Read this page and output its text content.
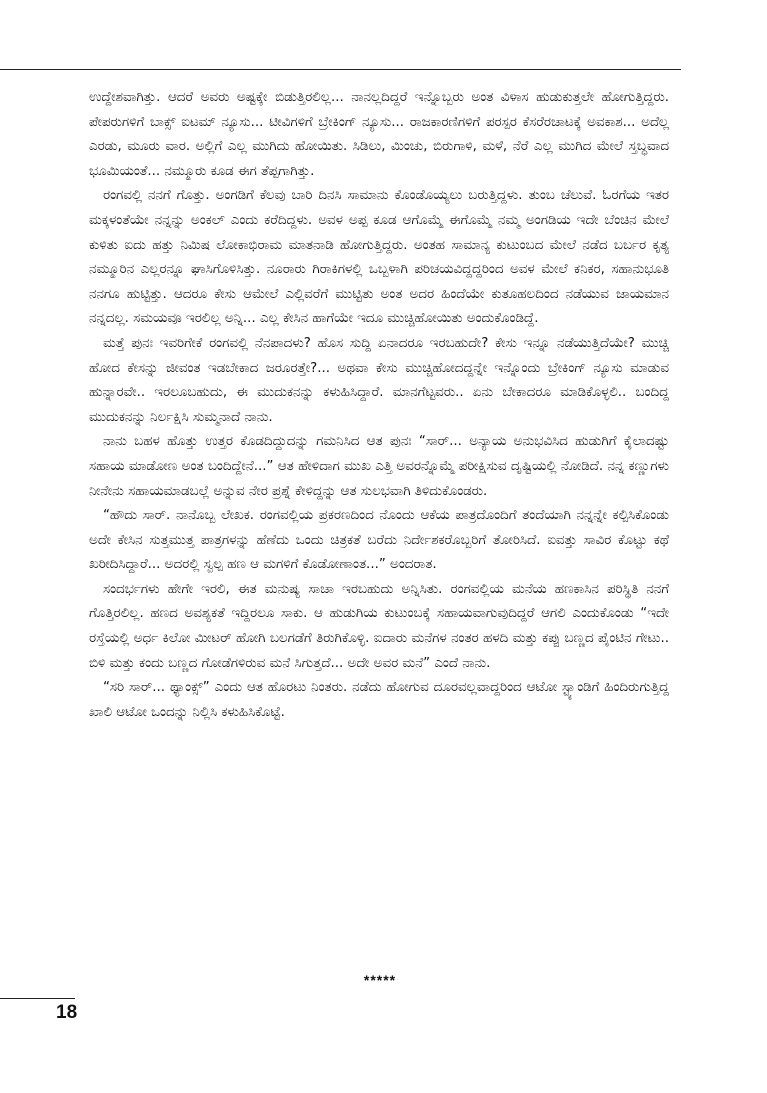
ಉದ್ದೇಶವಾಗಿತ್ತು. ಆದರೆ ಅವರು ಅಷ್ಟಕ್ಕೇ ಬಿಡುತ್ತಿರಲಿಲ್ಲ... ನಾನಲ್ಲದಿದ್ದರೆ ಇನ್ನೊಬ್ಬರು ಅಂತ ವಿಳಾಸ ಹುಡುಕುತ್ತಲೇ ಹೋಗುತ್ತಿದ್ದರು. ಪೇಪರುಗಳಿಗೆ ಬಾಕ್ಸ್ ಐಟಮ್ ನ್ಯೂಸು... ಟೀವಿಗಳಿಗೆ ಬ್ರೇಕಿಂಗ್ ನ್ಯೂಸು... ರಾಜಕಾರಣಿಗಳಿಗೆ ಪರಸ್ಪರ ಕೆಸರೆರಚಾಟಕ್ಕೆ ಅವಕಾಶ... ಅದೆಲ್ಲ ಎರಡು, ಮೂರು ವಾರ. ಅಲ್ಲಿಗೆ ಎಲ್ಲ ಮುಗಿದು ಹೋಯಿತು. ಸಿಡಿಲು, ಮಿಂಚು, ಬಿರುಗಾಳಿ, ಮಳೆ, ನೆರೆ ಎಲ್ಲ ಮುಗಿದ ಮೇಲೆ ಸ್ತಬ್ಧವಾದ ಭೂಮಿಯಂತೆ... ನಮ್ಮೂರು ಕೂಡ ಈಗ ತೆಪ್ಪಗಾಗಿತ್ತು.

ರಂಗವಲ್ಲಿ ನನಗೆ ಗೊತ್ತು. ಅಂಗಡಿಗೆ ಕೆಲವು ಬಾರಿ ದಿನಸಿ ಸಾಮಾನು ಕೊಂಡೊಯ್ಯಲು ಬರುತ್ತಿದ್ದಳು. ತುಂಬ ಚೆಲುವೆ. ಓರಗೆಯ ಇತರ ಮಕ್ಕಳಂತೆಯೇ ನನ್ನನ್ನು ಅಂಕಲ್ ಎಂದು ಕರೆದಿದ್ದಳು. ಅವಳ ಅಪ್ಪ ಕೂಡ ಆಗೊಮ್ಮೆ ಈಗೊಮ್ಮೆ ನಮ್ಮ ಅಂಗಡಿಯ ಇದೇ ಬೆಂಚಿನ ಮೇಲೆ ಕುಳಿತು ಐದು ಹತ್ತು ನಿಮಿಷ ಲೋಕಾಭಿರಾಮ ಮಾತನಾಡಿ ಹೋಗುತ್ತಿದ್ದರು. ಅಂತಹ ಸಾಮಾನ್ಯ ಕುಟುಂಬದ ಮೇಲೆ ನಡೆದ ಬರ್ಬರ ಕೃತ್ಯ ನಮ್ಮೂರಿನ ಎಲ್ಲರನ್ನೂ ಘಾಸಿಗೊಳಿಸಿತ್ತು. ನೂರಾರು ಗಿರಾಕಿಗಳಲ್ಲಿ ಒಬ್ಬಳಾಗಿ ಪರಿಚಯವಿದ್ದದ್ದರಿಂದ ಅವಳ ಮೇಲೆ ಕನಿಕರ, ಸಹಾನುಭೂತಿ ನನಗೂ ಹುಟ್ಟಿತ್ತು. ಆದರೂ ಕೇಸು ಆಮೇಲೆ ಎಲ್ಲಿವರೆಗೆ ಮುಟ್ಟಿತು ಅಂತ ಅದರ ಹಿಂದೆಯೇ ಕುತೂಹಲದಿಂದ ನಡೆಯುವ ಜಾಯಮಾನ ನನ್ನದಲ್ಲ. ಸಮಯವೂ ಇರಲಿಲ್ಲ ಅನ್ನಿ... ಎಲ್ಲ ಕೇಸಿನ ಹಾಗೆಯೇ ಇದೂ ಮುಚ್ಚಿಹೋಯಿತು ಅಂದುಕೊಂಡಿದ್ದೆ.

ಮತ್ತೆ ಪುನಃ ಇವರಿಗೇಕೆ ರಂಗವಲ್ಲಿ ನೆನಪಾದಳು? ಹೊಸ ಸುದ್ದಿ ಏನಾದರೂ ಇರಬಹುದೇ? ಕೇಸು ಇನ್ನೂ ನಡೆಯುತ್ತಿದೆಯೇ? ಮುಚ್ಚಿ ಹೋದ ಕೇಸನ್ನು ಜೀವಂತ ಇಡಬೇಕಾದ ಜರೂರತ್ತೇ?... ಅಥವಾ ಕೇಸು ಮುಚ್ಚಿಹೋದದ್ದನ್ನೇ ಇನ್ನೊಂದು ಬ್ರೇಕಿಂಗ್ ನ್ಯೂಸು ಮಾಡುವ ಹುನ್ನಾರವೇ.. ಇರಲೂಬಹುದು, ಈ ಮುದುಕನನ್ನು ಕಳುಹಿಸಿದ್ದಾರೆ. ಮಾನಗೆಟ್ಟವರು.. ಏನು ಬೇಕಾದರೂ ಮಾಡಿಕೊಳ್ಳಲಿ.. ಬಂದಿದ್ದ ಮುದುಕನನ್ನು ನಿರ್ಲಕ್ಷಿಸಿ ಸುಮ್ಮನಾದೆ ನಾನು.

ನಾನು ಬಹಳ ಹೊತ್ತು ಉತ್ತರ ಕೊಡದಿದ್ದುದನ್ನು ಗಮನಿಸಿದ ಆತ ಪುನಃ “ಸಾರ್... ಅನ್ಯಾಯ ಅನುಭವಿಸಿದ ಹುಡುಗಿಗೆ ಕೈಲಾದಷ್ಟು ಸಹಾಯ ಮಾಡೋಣ ಅಂತ ಬಂದಿದ್ದೇನೆ...” ಆತ ಹೇಳಿದಾಗ ಮುಖ ಎತ್ತಿ ಅವರನ್ನೊಮ್ಮೆ ಪರೀಕ್ಷಿಸುವ ದೃಷ್ಟಿಯಲ್ಲಿ ನೋಡಿದೆ. ನನ್ನ ಕಣ್ಣುಗಳು ನೀನೇನು ಸಹಾಯಮಾಡಬಲ್ಲೆ ಅನ್ನುವ ನೇರ ಪ್ರಶ್ನೆ ಕೇಳಿದ್ದನ್ನು ಆತ ಸುಲಭವಾಗಿ ತಿಳಿದುಕೊಂಡರು.

“ಹೌದು ಸಾರ್. ನಾನೊಬ್ಬ ಲೇಖಕ. ರಂಗವಲ್ಲಿಯ ಪ್ರಕರಣದಿಂದ ನೊಂದು ಆಕೆಯ ಪಾತ್ರದೊಂದಿಗೆ ತಂದೆಯಾಗಿ ನನ್ನನ್ನೇ ಕಲ್ಪಿಸಿಕೊಂಡು ಅದೇ ಕೇಸಿನ ಸುತ್ತಮುತ್ತ ಪಾತ್ರಗಳನ್ನು ಹೆಣೆದು ಒಂದು ಚಿತ್ರಕತೆ ಬರೆದು ನಿರ್ದೇಶಕರೊಬ್ಬರಿಗೆ ತೋರಿಸಿದೆ. ಐವತ್ತು ಸಾವಿರ ಕೊಟ್ಟು ಕಥೆ ಖರೀದಿಸಿದ್ದಾರೆ... ಅದರಲ್ಲಿ ಸ್ವಲ್ಪ ಹಣ ಆ ಮಗಳಿಗೆ ಕೊಡೋಣಾಂತ...” ಅಂದರಾತ.

ಸಂದರ್ಭಗಳು ಹೇಗೇ ಇರಲಿ, ಈತ ಮನುಷ್ಯ ಸಾಚಾ ಇರಬಹುದು ಅನ್ನಿಸಿತು. ರಂಗವಲ್ಲಿಯ ಮನೆಯ ಹಣಕಾಸಿನ ಪರಿಸ್ಥಿತಿ ನನಗೆ ಗೊತ್ತಿರಲಿಲ್ಲ. ಹಣದ ಅವಶ್ಯಕತೆ ಇದ್ದಿರಲೂ ಸಾಕು. ಆ ಹುಡುಗಿಯ ಕುಟುಂಬಕ್ಕೆ ಸಹಾಯವಾಗುವುದಿದ್ದರೆ ಆಗಲಿ ಎಂದುಕೊಂಡು “ಇದೇ ರಸ್ತೆಯಲ್ಲಿ ಅರ್ಧ ಕಿಲೋ ಮೀಟರ್ ಹೋಗಿ ಬಲಗಡೆಗೆ ತಿರುಗಿಕೊಳ್ಳಿ. ಐದಾರು ಮನೆಗಳ ನಂತರ ಹಳದಿ ಮತ್ತು ಕಪ್ಪು ಬಣ್ಣದ ಪೈಂಟಿನ ಗೇಟು.. ಬಿಳಿ ಮತ್ತು ಕಂದು ಬಣ್ಣದ ಗೋಡೆಗಳಿರುವ ಮನೆ ಸಿಗುತ್ತದೆ... ಅದೇ ಅವರ ಮನೆ” ಎಂದೆ ನಾನು.

“ಸರಿ ಸಾರ್... ಥ್ಯಾಂಕ್ಸ್” ಎಂದು ಆತ ಹೊರಟು ನಿಂತರು. ನಡೆದು ಹೋಗುವ ದೂರವಲ್ಲವಾದ್ದರಿಂದ ಆಟೋ ಸ್ಟ್ಯಾಂಡಿಗೆ ಹಿಂದಿರುಗುತ್ತಿದ್ದ ಖಾಲಿ ಆಟೋ ಒಂದನ್ನು ನಿಲ್ಲಿಸಿ ಕಳುಹಿಸಿಕೊಟ್ಟೆ.

*****
18
